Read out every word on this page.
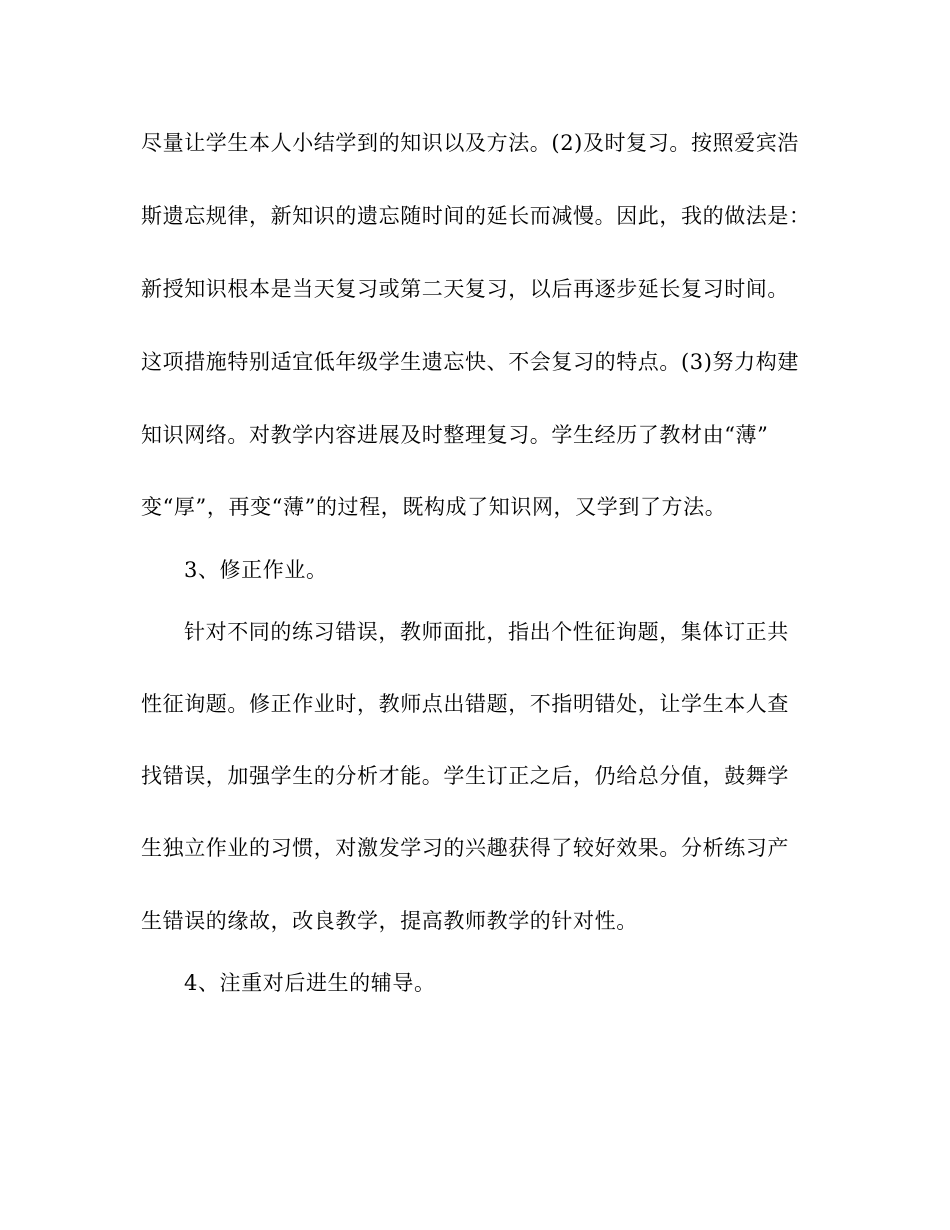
尽量让学生本人小结学到的知识以及方法。(2)及时复习。按照爱宾浩
斯遗忘规律，新知识的遗忘随时间的延长而减慢。因此，我的做法是：
新授知识根本是当天复习或第二天复习，以后再逐步延长复习时间。
这项措施特别适宜低年级学生遗忘快、不会复习的特点。(3)努力构建
知识网络。对教学内容进展及时整理复习。学生经历了教材由“薄”
变“厚”，再变“薄”的过程，既构成了知识网，又学到了方法。
3、修正作业。
针对不同的练习错误，教师面批，指出个性征询题，集体订正共
性征询题。修正作业时，教师点出错题，不指明错处，让学生本人查
找错误，加强学生的分析才能。学生订正之后，仍给总分值，鼓舞学
生独立作业的习惯，对激发学习的兴趣获得了较好效果。分析练习产
生错误的缘故，改良教学，提高教师教学的针对性。
4、注重对后进生的辅导。
